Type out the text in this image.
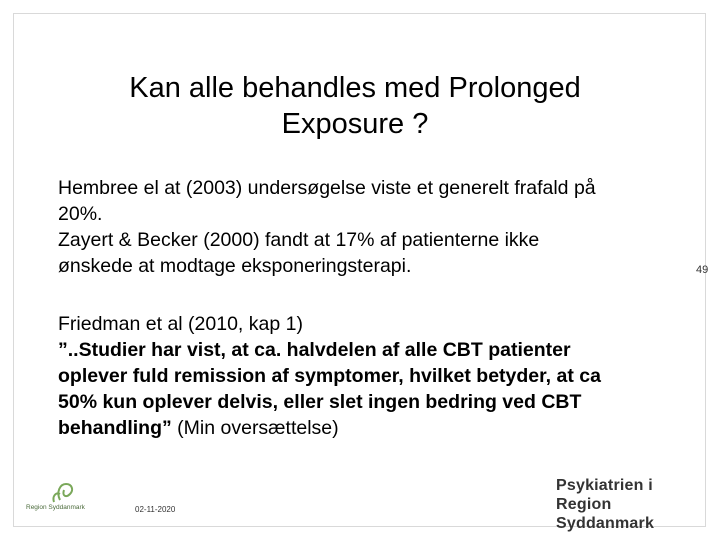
Kan alle behandles med Prolonged
Exposure ?

Hembree el at (2003) undersøgelse viste et generelt frafald på

20%.

Zayert & Becker (2000) fandt at 17% af patienterne ikke

ønskede at modtage eksponeringsterapi.

Friedman et al (2010, kap 1)

”..Studier har vist, at ca. halvdelen af alle CBT patienter

oplever fuld remission af symptomer, hvilket betyder, at ca

50% kun oplever delvis, eller slet ingen bedring ved CBT

behandling” (Min oversættelse)

49
Region Syddanmark	02-11-2020
Psykiatrien i
Region Syddanmark
